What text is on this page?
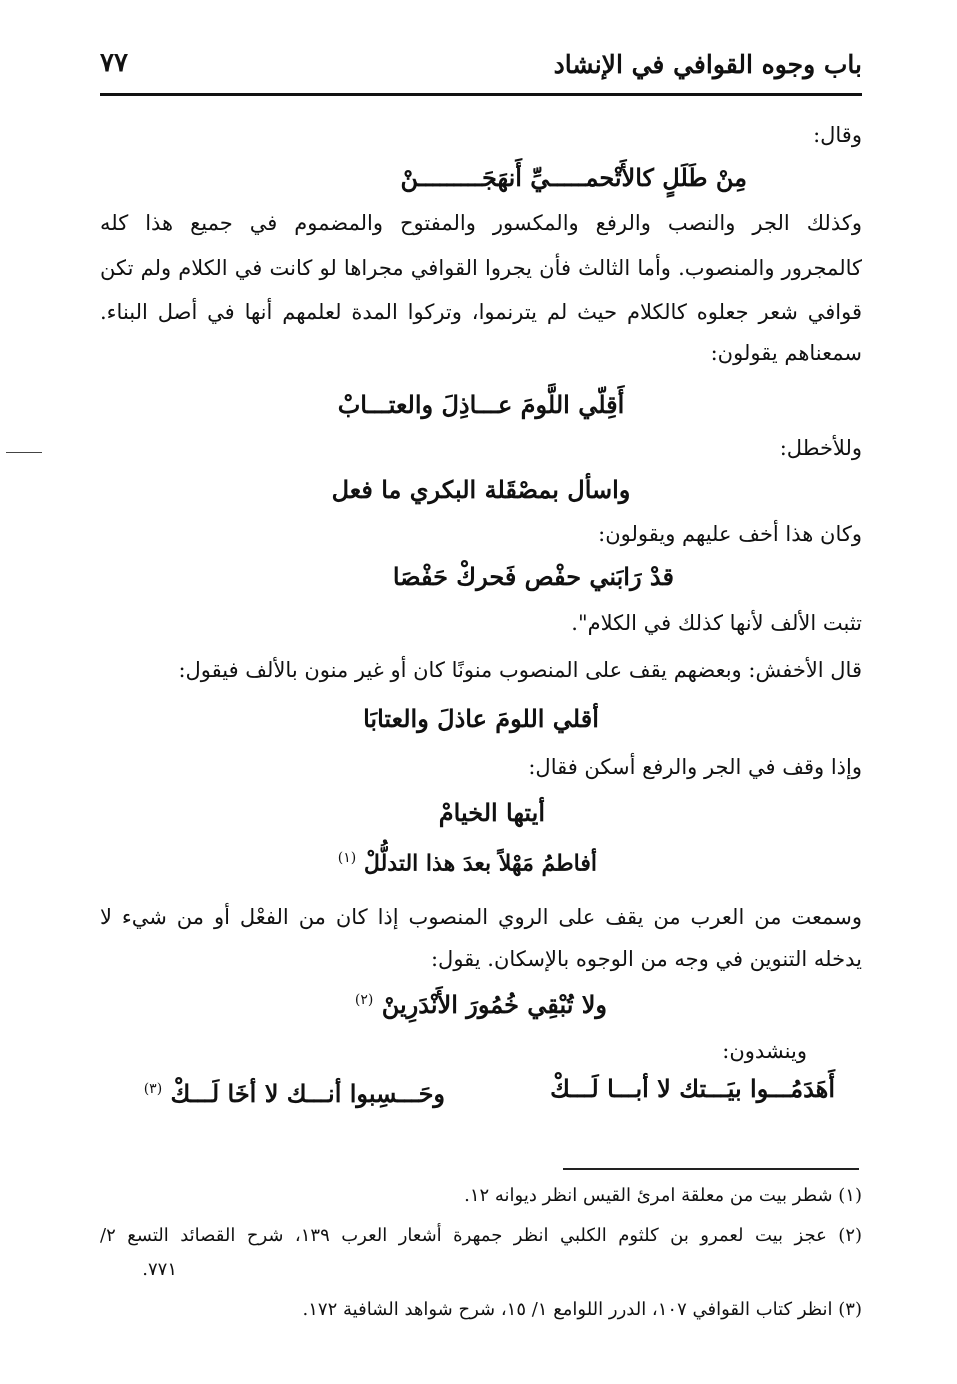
باب وجوه القوافي في الإنشاد
٧٧
وقال:
مِنْ طَلَلٍ كالأَتْحمـــــيِّ أَنهَجَـــــــــنْ
وكذلك الجر والنصب والرفع والمكسور والمفتوح والمضموم في جميع هذا كله
كالمجرور والمنصوب. وأما الثالث فأن يجروا القوافي مجراها لو كانت في الكلام ولم تكن
قوافي شعر جعلوه كالكلام حيث لم يترنموا، وتركوا المدة لعلمهم أنها في أصل البناء.
سمعناهم يقولون:
أَقِلّي اللَّومَ عـــاذِلَ والعتـــابْ
وللأخطل:
واسأل بمصْقَلة البكري ما فعل
وكان هذا أخف عليهم ويقولون:
قدْ رَابَني حفْص فَحركْ حَفْصَا
تثبت الألف لأنها كذلك في الكلام".
قال الأخفش: وبعضهم يقف على المنصوب منونًا كان أو غير منون بالألف فيقول:
أقلي اللومَ عاذلَ والعتابَا
وإذا وقف في الجر والرفع أسكن فقال:
أيتها الخيامْ
أفاطمُ مَهْلاً بعدَ هذا التدلُّلْ $^{(١)}$
وسمعت من العرب من يقف على الروي المنصوب إذا كان من الفعْل أو من شيء لا
يدخله التنوين في وجه من الوجوه بالإسكان. يقول:
ولا تُبْقِي خُمُورَ الأَنْدَرِينْ $^{(٢)}$
وينشدون:
أَهَدَمُـــوا بيَـــتك لا أبـــا لَـــكْ
وحَـــسِبوا أنـــك لا أخَا لَـــكْ $^{(٣)}$
(١) شطر بيت من معلقة امرئ القيس انظر ديوانه ١٢.
(٢) عجز بيت لعمرو بن كلثوم الكلبي انظر جمهرة أشعار العرب ١٣٩، شرح القصائد التسع ٢/
٧٧١.
(٣) انظر كتاب القوافي ١٠٧، الدرر اللوامع ١/ ١٥، شرح شواهد الشافية ١٧٢.
